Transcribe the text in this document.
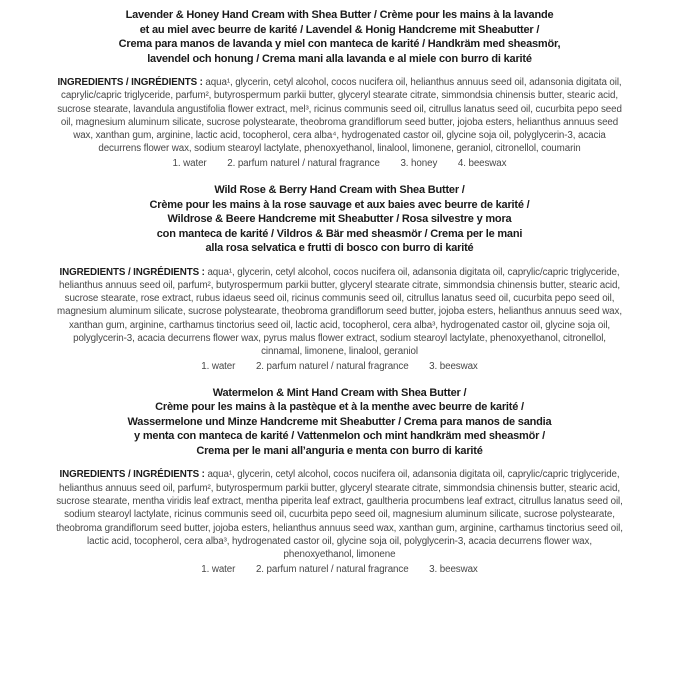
Lavender & Honey Hand Cream with Shea Butter / Crème pour les mains à la lavande
et au miel avec beurre de karité / Lavendel & Honig Handcreme mit Sheabutter /
Crema para manos de lavanda y miel con manteca de karité / Handkräm med sheasmör,
lavendel och honung / Crema mani alla lavanda e al miele con burro di karité

INGREDIENTS / INGRÉDIENTS : aqua¹, glycerin, cetyl alcohol, cocos nucifera oil, helianthus annuus seed oil, adansonia digitata oil, caprylic/capric triglyceride, parfum², butyrospermum parkii butter, glyceryl stearate citrate, simmondsia chinensis butter, stearic acid, sucrose stearate, lavandula angustifolia flower extract, mel³, ricinus communis seed oil, citrullus lanatus seed oil, cucurbita pepo seed oil, magnesium aluminum silicate, sucrose polystearate, theobroma grandiflorum seed butter, jojoba esters, helianthus annuus seed wax, xanthan gum, arginine, lactic acid, tocopherol, cera alba⁴, hydrogenated castor oil, glycine soja oil, polyglycerin-3, acacia decurrens flower wax, sodium stearoyl lactylate, phenoxyethanol, linalool, limonene, geraniol, citronellol, coumarin

1. water 2. parfum naturel / natural fragrance 3. honey 4. beeswax
Wild Rose & Berry Hand Cream with Shea Butter /
Crème pour les mains à la rose sauvage et aux baies avec beurre de karité /
Wildrose & Beere Handcreme mit Sheabutter / Rosa silvestre y mora
con manteca de karité / Vildros & Bär med sheasmör / Crema per le mani
alla rosa selvatica e frutti di bosco con burro di karité

INGREDIENTS / INGRÉDIENTS : aqua¹, glycerin, cetyl alcohol, cocos nucifera oil, adansonia digitata oil, caprylic/capric triglyceride, helianthus annuus seed oil, parfum², butyrospermum parkii butter, glyceryl stearate citrate, simmondsia chinensis butter, stearic acid, sucrose stearate, rose extract, rubus idaeus seed oil, ricinus communis seed oil, citrullus lanatus seed oil, cucurbita pepo seed oil, magnesium aluminum silicate, sucrose polystearate, theobroma grandiflorum seed butter, jojoba esters, helianthus annuus seed wax, xanthan gum, arginine, carthamus tinctorius seed oil, lactic acid, tocopherol, cera alba³, hydrogenated castor oil, glycine soja oil, polyglycerin-3, acacia decurrens flower wax, pyrus malus flower extract, sodium stearoyl lactylate, phenoxyethanol, citronellol, cinnamal, limonene, linalool, geraniol

1. water 2. parfum naturel / natural fragrance 3. beeswax
Watermelon & Mint Hand Cream with Shea Butter /
Crème pour les mains à la pastèque et à la menthe avec beurre de karité /
Wassermelone und Minze Handcreme mit Sheabutter / Crema para manos de sandia
y menta con manteca de karité / Vattenmelon och mint handkräm med sheasmör /
Crema per le mani all’anguria e menta con burro di karité

INGREDIENTS / INGRÉDIENTS : aqua¹, glycerin, cetyl alcohol, cocos nucifera oil, adansonia digitata oil, caprylic/capric triglyceride, helianthus annuus seed oil, parfum², butyrospermum parkii butter, glyceryl stearate citrate, simmondsia chinensis butter, stearic acid, sucrose stearate, mentha viridis leaf extract, mentha piperita leaf extract, gaultheria procumbens leaf extract, citrullus lanatus seed oil, sodium stearoyl lactylate, ricinus communis seed oil, cucurbita pepo seed oil, magnesium aluminum silicate, sucrose polystearate, theobroma grandiflorum seed butter, jojoba esters, helianthus annuus seed wax, xanthan gum, arginine, carthamus tinctorius seed oil, lactic acid, tocopherol, cera alba³, hydrogenated castor oil, glycine soja oil, polyglycerin-3, acacia decurrens flower wax, phenoxyethanol, limonene

1. water 2. parfum naturel / natural fragrance 3. beeswax
